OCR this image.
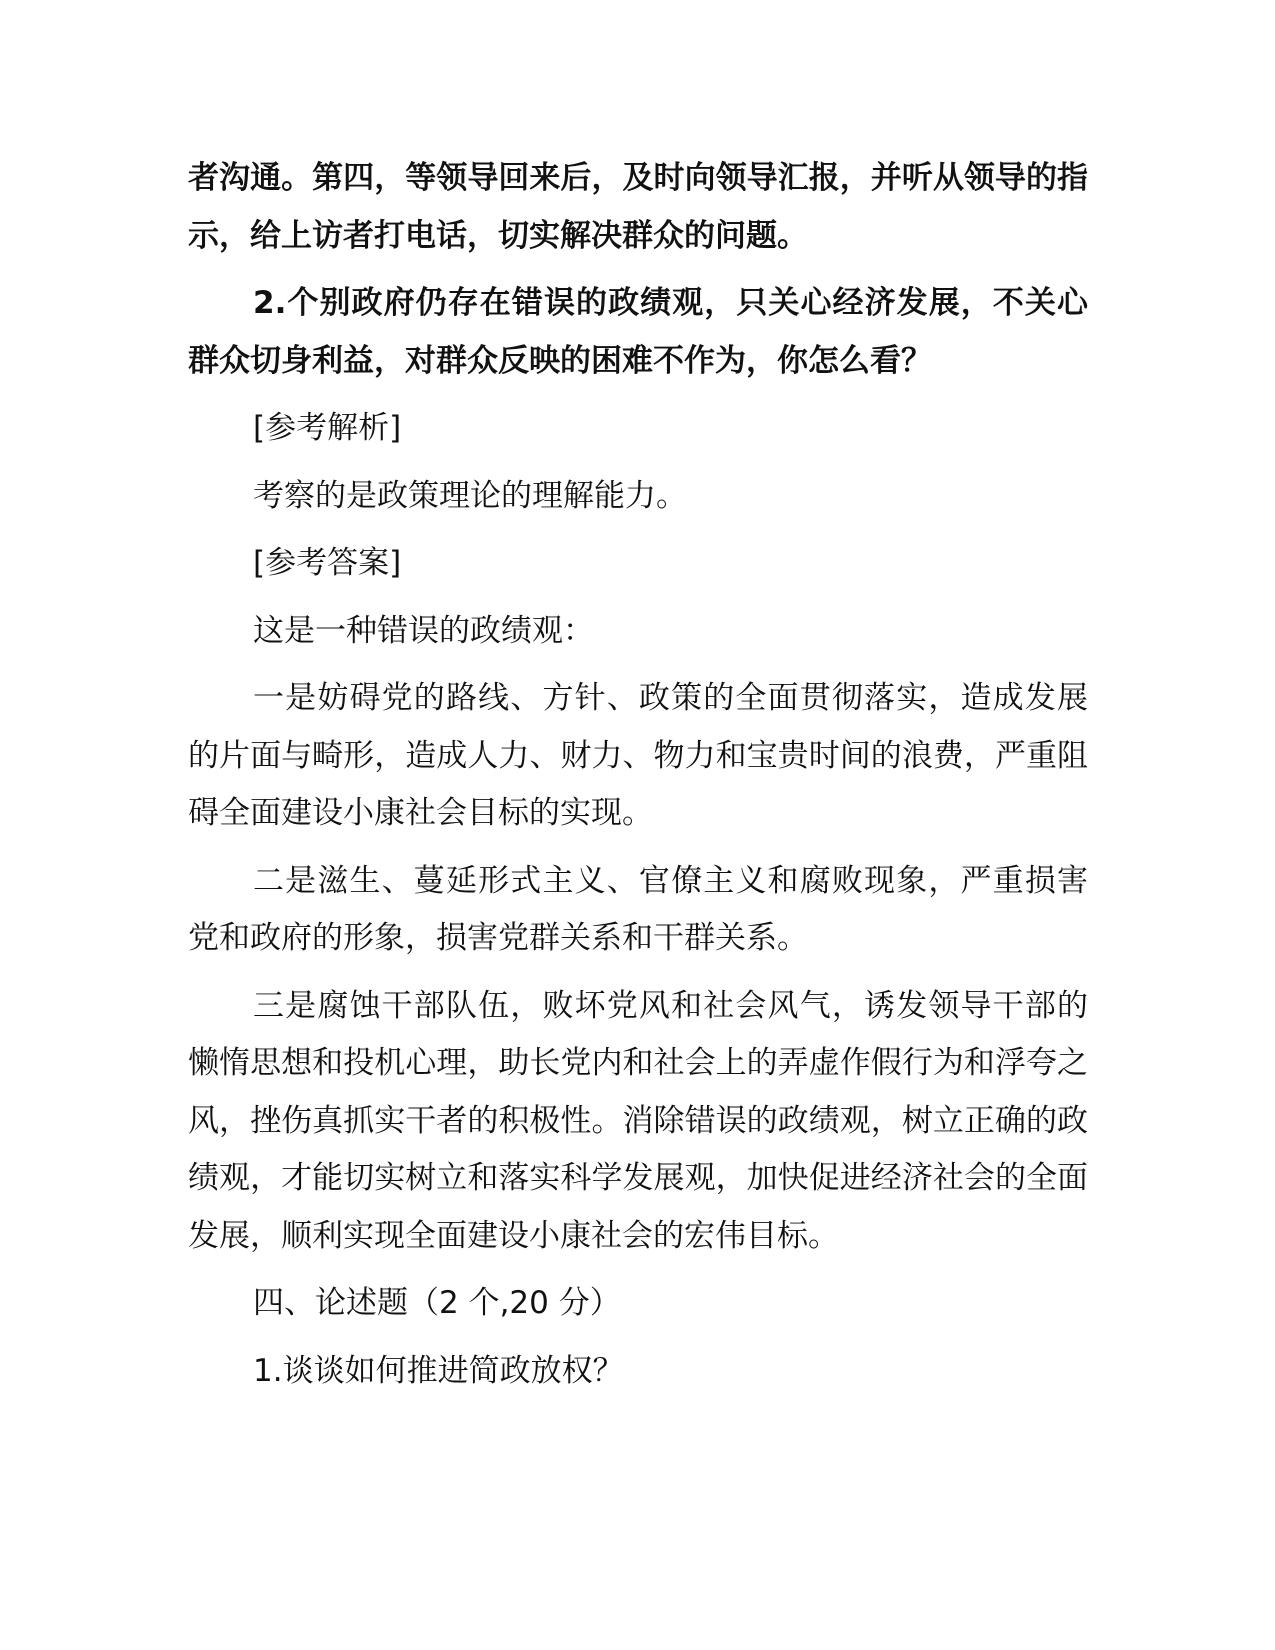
者沟通。第四，等领导回来后，及时向领导汇报，并听从领导的指示，给上访者打电话，切实解决群众的问题。
2.个别政府仍存在错误的政绩观，只关心经济发展，不关心群众切身利益，对群众反映的困难不作为，你怎么看？
[参考解析]
考察的是政策理论的理解能力。
[参考答案]
这是一种错误的政绩观：
一是妨碍党的路线、方针、政策的全面贯彻落实，造成发展的片面与畸形，造成人力、财力、物力和宝贵时间的浪费，严重阻碍全面建设小康社会目标的实现。
二是滋生、蔓延形式主义、官僚主义和腐败现象，严重损害党和政府的形象，损害党群关系和干群关系。
三是腐蚀干部队伍，败坏党风和社会风气，诱发领导干部的懒惰思想和投机心理，助长党内和社会上的弄虚作假行为和浮夸之风，挫伤真抓实干者的积极性。消除错误的政绩观，树立正确的政绩观，才能切实树立和落实科学发展观，加快促进经济社会的全面发展，顺利实现全面建设小康社会的宏伟目标。
四、论述题（2 个,20 分）
1.谈谈如何推进简政放权？
